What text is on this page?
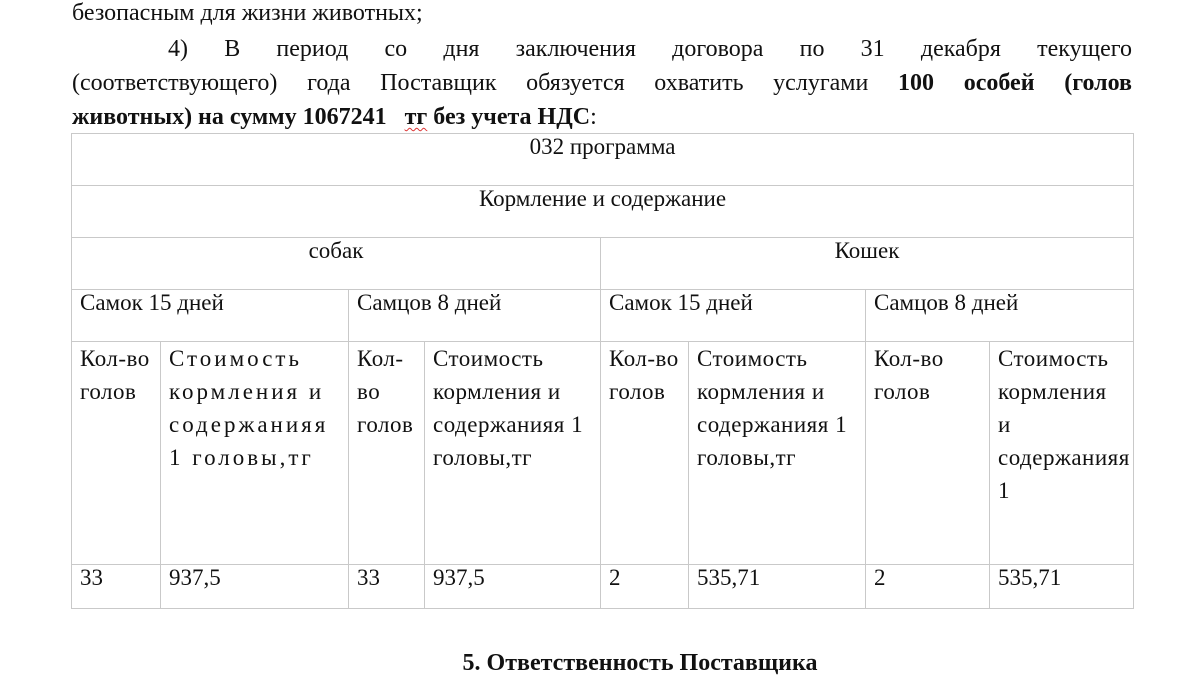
безопасным для жизни животных;
4) В период со дня заключения договора по 31 декабря текущего
(соответствующего) года Поставщик обязуется охватить услугами 100 особей (голов
животных) на сумму 1067241 тг без учета НДС:
032 программа							
Кормление и содержание							
собак				Кошек			
Самок 15 дней		Самцов 8 дней		Самок 15 дней		Самцов 8 дней	
Кол-во голов	Стоимость кормления и содержанияя 1 головы,тг	Кол-во голов	Стоимость кормления и содержанияя 1 головы,тг	Кол-во голов	Стоимость кормления и содержанияя 1 головы,тг	Кол-во голов	Стоимость кормления и содержанияя 1
33	937,5	33	937,5	2	535,71	2	535,71
5. Ответственность Поставщика
